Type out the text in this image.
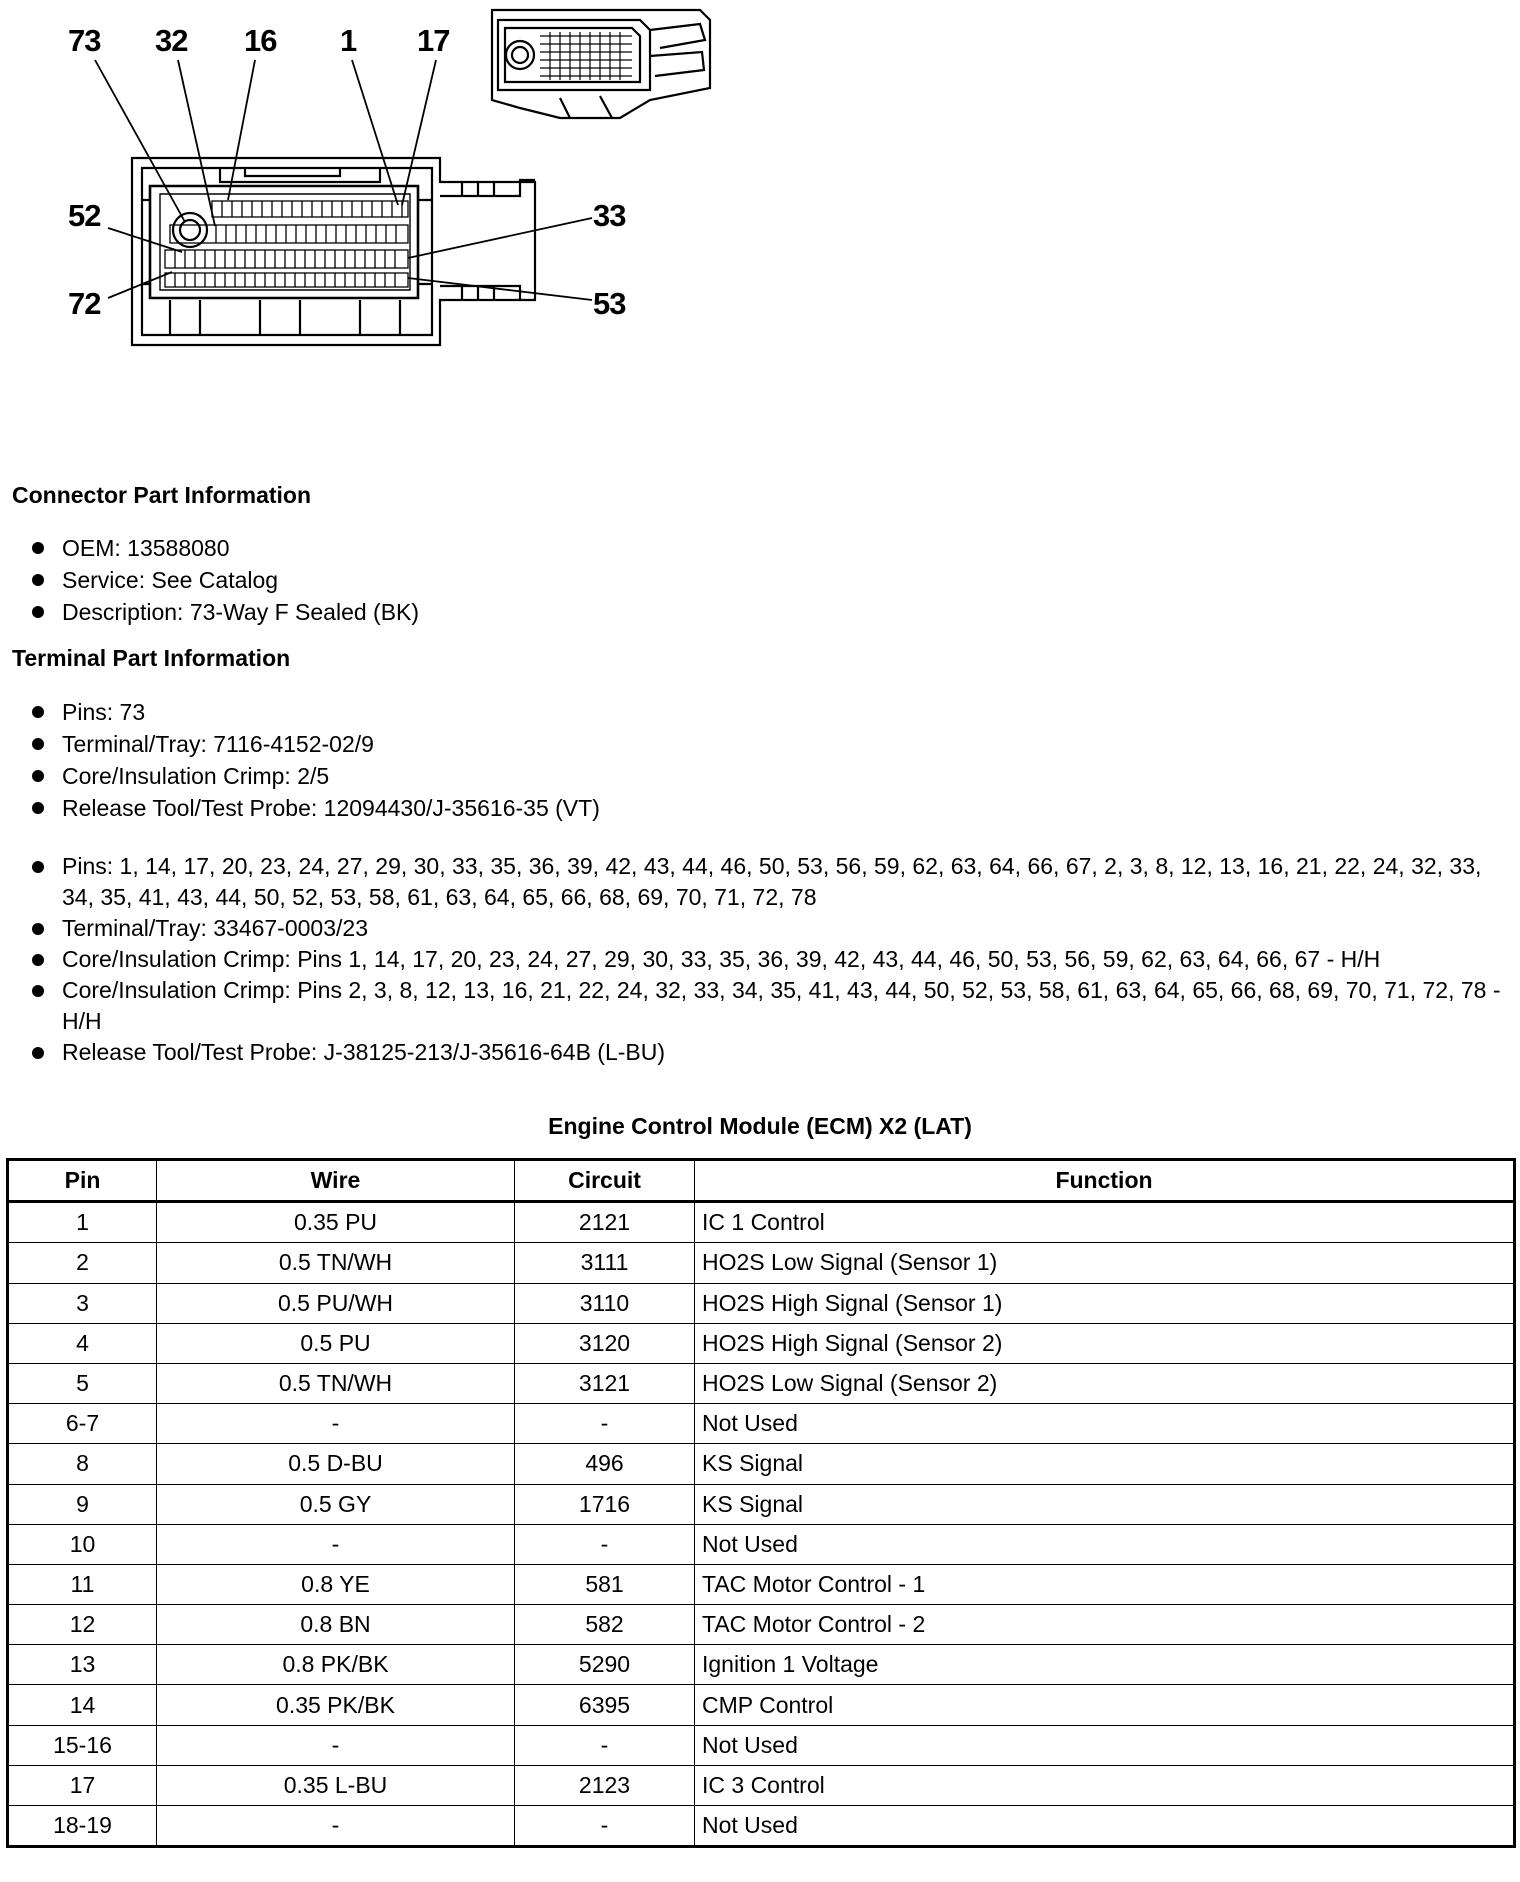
73 32 16 1 17
52
72
33
53
Connector Part Information
OEM: 13588080
Service: See Catalog
Description: 73-Way F Sealed (BK)
Terminal Part Information
Pins: 73
Terminal/Tray: 7116-4152-02/9
Core/Insulation Crimp: 2/5
Release Tool/Test Probe: 12094430/J-35616-35 (VT)
Pins: 1, 14, 17, 20, 23, 24, 27, 29, 30, 33, 35, 36, 39, 42, 43, 44, 46, 50, 53, 56, 59, 62, 63, 64, 66, 67, 2, 3, 8, 12, 13, 16, 21, 22, 24, 32, 33, 34, 35, 41, 43, 44, 50, 52, 53, 58, 61, 63, 64, 65, 66, 68, 69, 70, 71, 72, 78
Terminal/Tray: 33467-0003/23
Core/Insulation Crimp: Pins 1, 14, 17, 20, 23, 24, 27, 29, 30, 33, 35, 36, 39, 42, 43, 44, 46, 50, 53, 56, 59, 62, 63, 64, 66, 67 - H/H
Core/Insulation Crimp: Pins 2, 3, 8, 12, 13, 16, 21, 22, 24, 32, 33, 34, 35, 41, 43, 44, 50, 52, 53, 58, 61, 63, 64, 65, 66, 68, 69, 70, 71, 72, 78 - H/H
Release Tool/Test Probe: J-38125-213/J-35616-64B (L-BU)
Engine Control Module (ECM) X2 (LAT)
Pin	Wire	Circuit	Function
1	0.35 PU	2121	IC 1 Control
2	0.5 TN/WH	3111	HO2S Low Signal (Sensor 1)
3	0.5 PU/WH	3110	HO2S High Signal (Sensor 1)
4	0.5 PU	3120	HO2S High Signal (Sensor 2)
5	0.5 TN/WH	3121	HO2S Low Signal (Sensor 2)
6-7	-	-	Not Used
8	0.5 D-BU	496	KS Signal
9	0.5 GY	1716	KS Signal
10	-	-	Not Used
11	0.8 YE	581	TAC Motor Control - 1
12	0.8 BN	582	TAC Motor Control - 2
13	0.8 PK/BK	5290	Ignition 1 Voltage
14	0.35 PK/BK	6395	CMP Control
15-16	-	-	Not Used
17	0.35 L-BU	2123	IC 3 Control
18-19	-	-	Not Used
